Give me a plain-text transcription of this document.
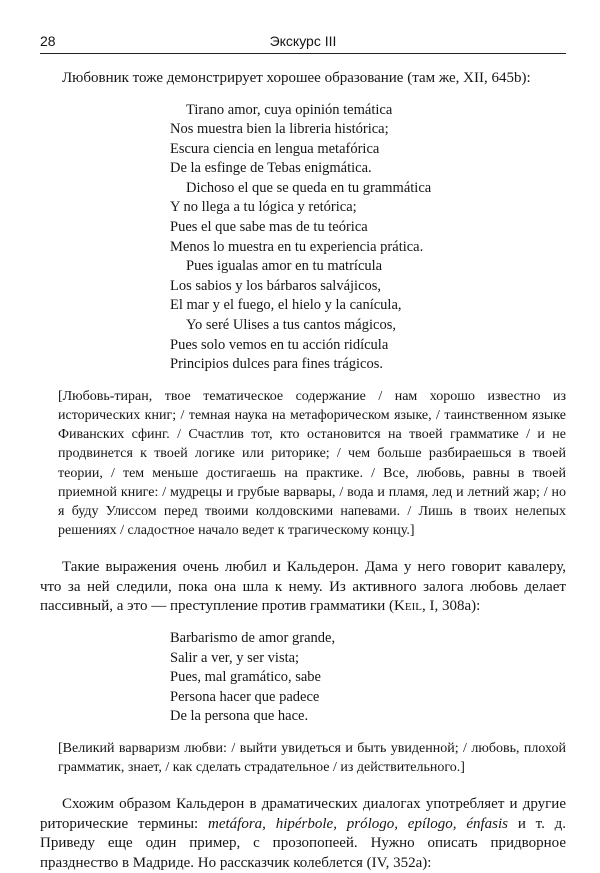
28	Экскурс III

Любовник тоже демонстрирует хорошее образование (там же, XII, 645b):

Tirano amor, cuya opinión temática
Nos muestra bien la libreria histórica;
Escura ciencia en lengua metafórica
De la esfinge de Tebas enigmática.
Dichoso el que se queda en tu grammática
Y no llega a tu lógica y retórica;
Pues el que sabe mas de tu teórica
Menos lo muestra en tu experiencia prática.
Pues igualas amor en tu matrícula
Los sabios y los bárbaros salvájicos,
El mar y el fuego, el hielo y la canícula,
Yo seré Ulises a tus cantos mágicos,
Pues solo vemos en tu acción ridícula
Principios dulces para fines trágicos.

[Любовь-тиран, твое тематическое содержание / нам хорошо известно из исторических книг; / темная наука на метафорическом языке, / таинственном языке Фиванских сфинг. / Счастлив тот, кто остановится на твоей грамматике / и не продвинется к твоей логике или риторике; / чем больше разбираешься в твоей теории, / тем меньше достигаешь на практике. / Все, любовь, равны в твоей приемной книге: / мудрецы и грубые варвары, / вода и пламя, лед и летний жар; / но я буду Улиссом перед твоими колдовскими напевами. / Лишь в твоих нелепых решениях / сладостное начало ведет к трагическому концу.]

Такие выражения очень любил и Кальдерон. Дама у него говорит кавалеру, что за ней следили, пока она шла к нему. Из активного залога любовь делает пассивный, а это — преступление против грамматики (Keil, I, 308a):

Barbarismo de amor grande,
Salir a ver, y ser vista;
Pues, mal gramático, sabe
Persona hacer que padece
De la persona que hace.

[Великий варваризм любви: / выйти увидеться и быть увиденной; / любовь, плохой грамматик, знает, / как сделать страдательное / из действительного.]

Схожим образом Кальдерон в драматических диалогах употребляет и другие риторические термины: metáfora, hipérbole, prólogo, epílogo, énfasis и т. д. Приведу еще один пример, с прозопопеей. Нужно описать придворное празднество в Мадриде. Но рассказчик колеблется (IV, 352a):
